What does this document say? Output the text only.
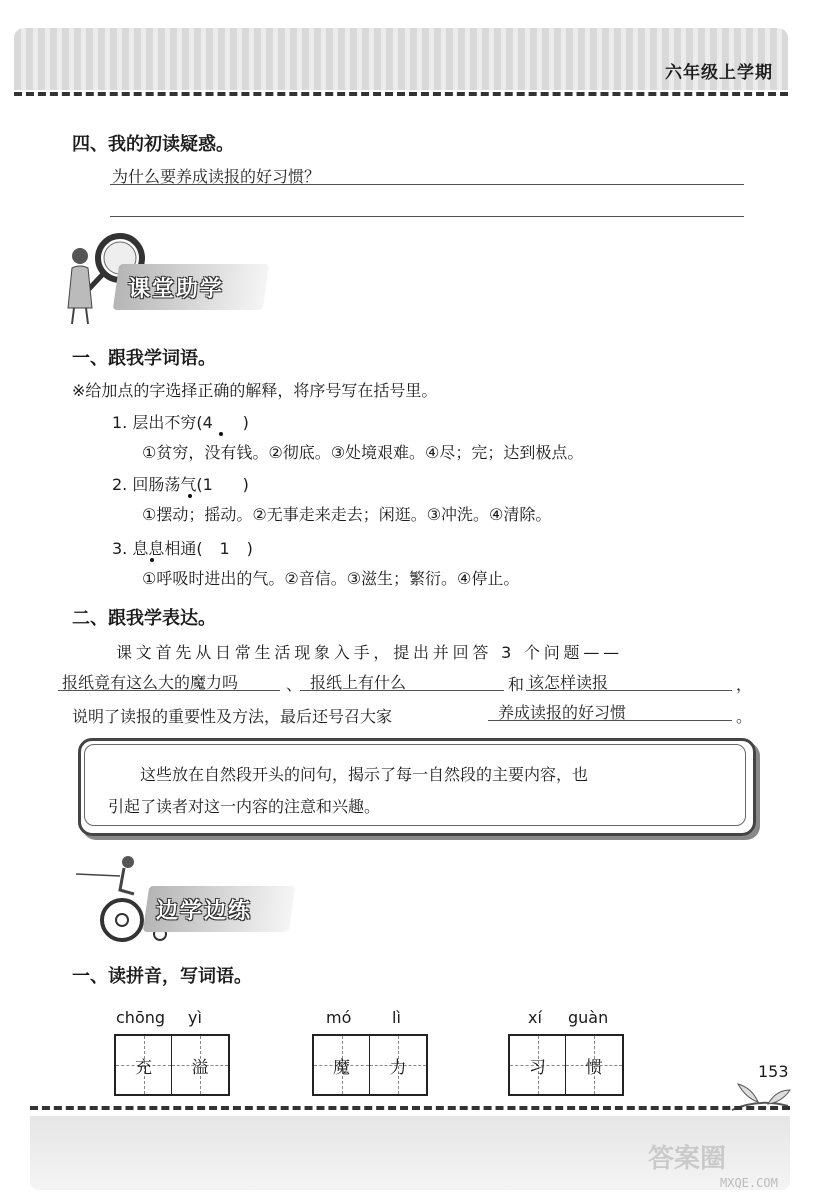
六年级上学期
四、我的初读疑惑。
为什么要养成读报的好习惯？
课堂助学
一、跟我学词语。
※给加点的字选择正确的解释，将序号写在括号里。
1. 层出不穷(4 )
①贫穷，没有钱。②彻底。③处境艰难。④尽；完；达到极点。
2. 回肠荡气(1 )
①摆动；摇动。②无事走来走去；闲逛。③冲洗。④清除。
3. 息息相通( 1 )
①呼吸时进出的气。②音信。③滋生；繁衍。④停止。
二、跟我学表达。
课文首先从日常生活现象入手，提出并回答 3 个问题——
报纸竟有这么大的魔力吗	、 报纸上有什么	和 该怎样读报	，
说明了读报的重要性及方法，最后还号召大家	养成读报的好习惯	。
这些放在自然段开头的问句，揭示了每一自然段的主要内容，也
引起了读者对这一内容的注意和兴趣。
边学边练
一、读拼音，写词语。
chōng yì
充	溢
mó	lì
魔	力
xí guàn
习	惯	153
答案圈
MXQE.COM
